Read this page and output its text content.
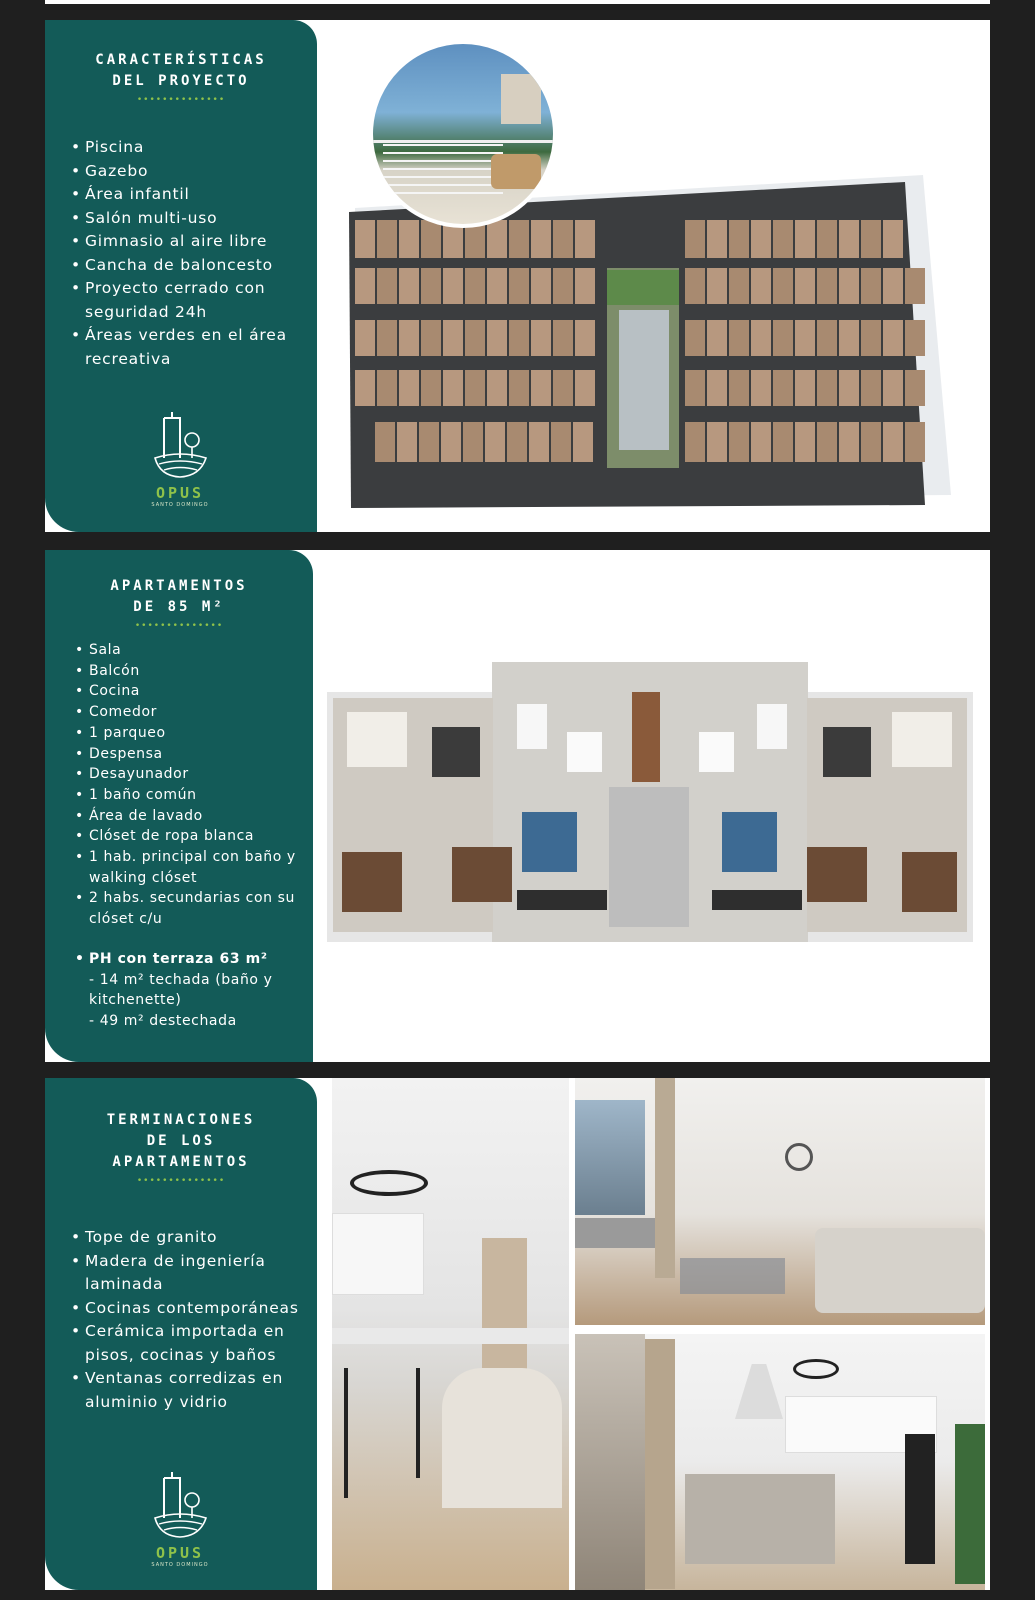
CARACTERÍSTICAS
DEL PROYECTO
••••••••••••••
• Piscina
• Gazebo
• Área infantil
• Salón multi-uso
• Gimnasio al aire libre
• Cancha de baloncesto
• Proyecto cerrado con seguridad 24h
• Áreas verdes en el área recreativa
OPUS
SANTO DOMINGO
APARTAMENTOS
DE 85 M²
••••••••••••••
• Sala
• Balcón
• Cocina
• Comedor
• 1 parqueo
• Despensa
• Desayunador
• 1 baño común
• Área de lavado
• Clóset de ropa blanca
• 1 hab. principal con baño y walking clóset
• 2 habs. secundarias con su clóset c/u
• PH con terraza 63 m²
- 14 m² techada (baño y kitchenette)
- 49 m² destechada
TERMINACIONES
DE LOS
APARTAMENTOS
••••••••••••••
• Tope de granito
• Madera de ingeniería laminada
• Cocinas contemporáneas
• Cerámica importada en pisos, cocinas y baños
• Ventanas corredizas en aluminio y vidrio
OPUS
SANTO DOMINGO
